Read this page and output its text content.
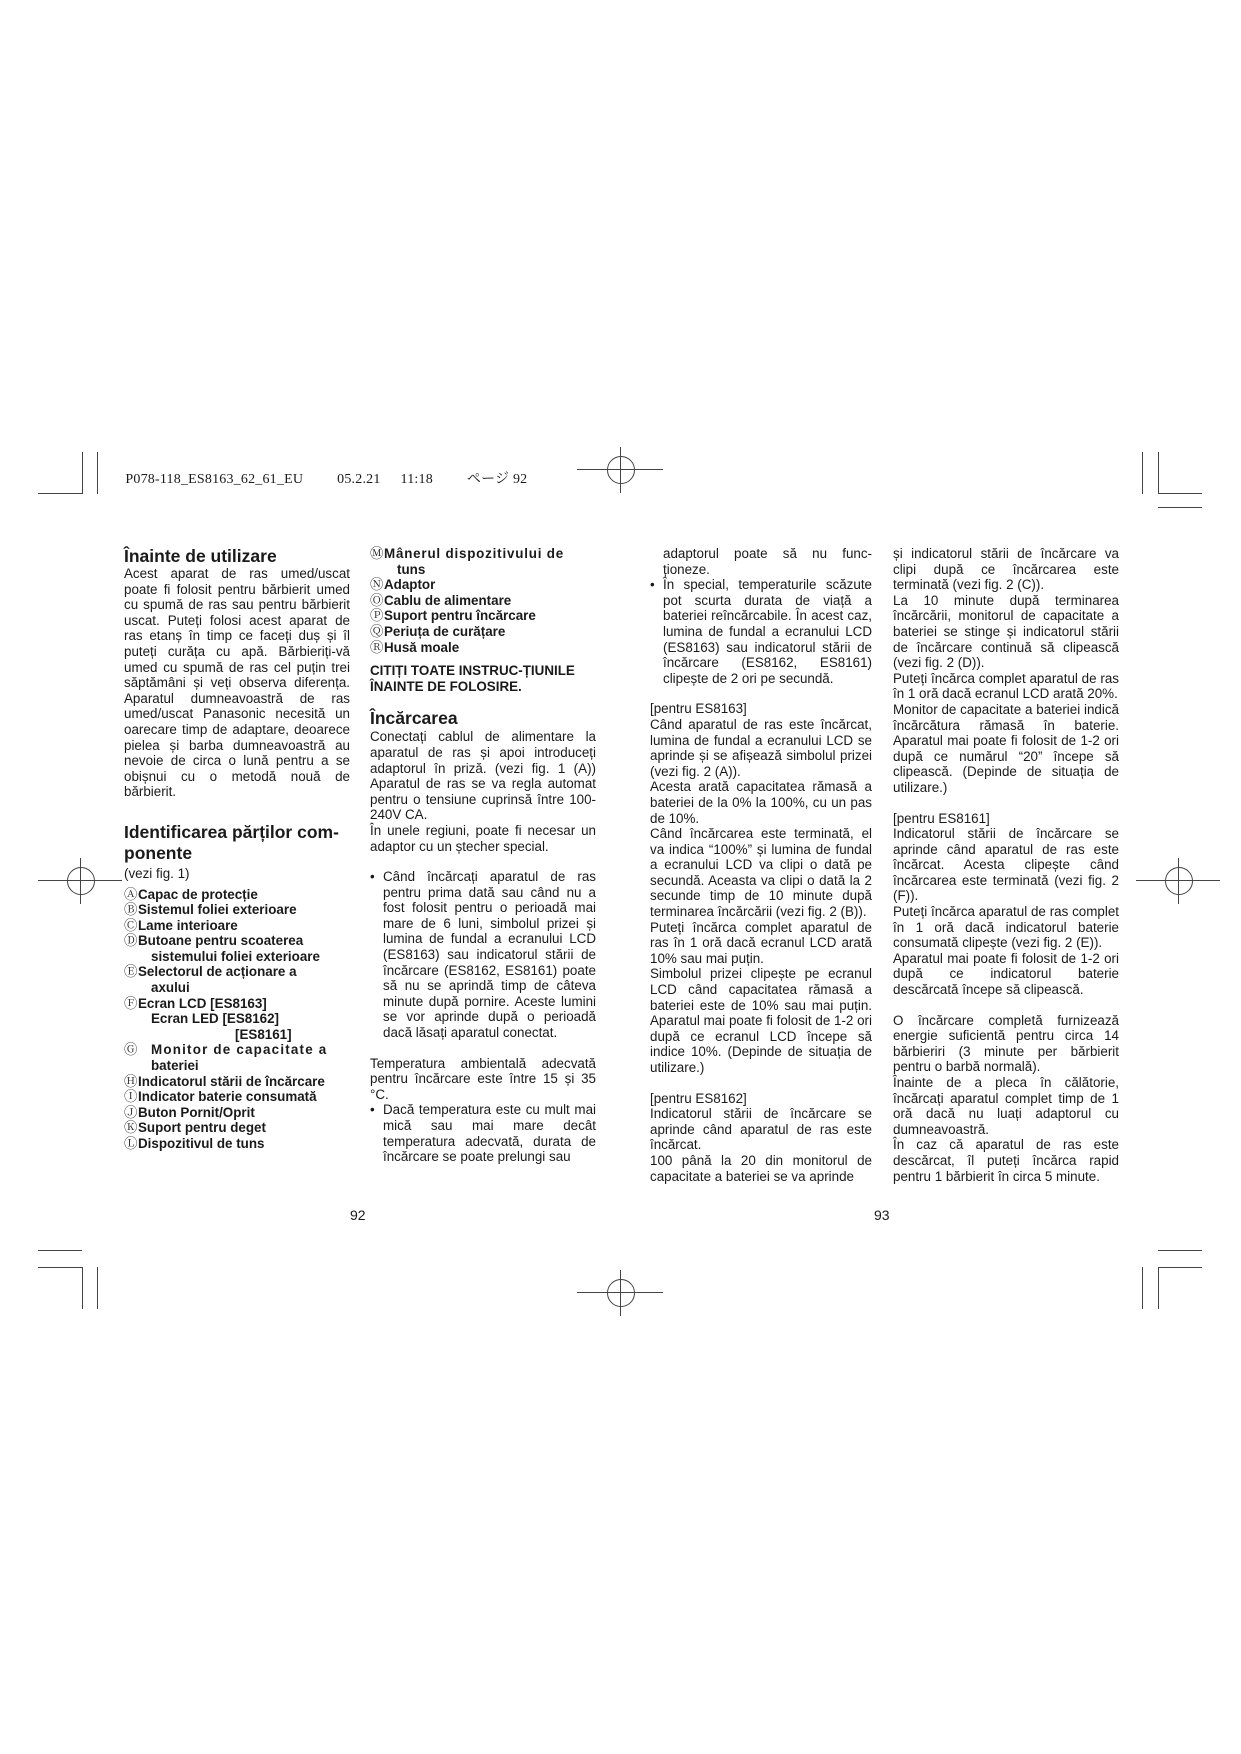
P078-118_ES8163_62_61_EU 05.2.21 11:18 ページ 92

Înainte de utilizare

Acest aparat de ras umed/uscat poate fi folosit pentru bărbierit umed cu spumă de ras sau pentru bărbierit uscat. Puteți folosi acest aparat de ras etanș în timp ce faceți duș și îl puteți curăța cu apă. Bărbieriți-vă umed cu spumă de ras cel puțin trei săptămâni și veți observa diferența. Aparatul dumneavoastră de ras umed/uscat Panasonic necesită un oarecare timp de adaptare, deoarece pielea și barba dumneavoastră au nevoie de circa o lună pentru a se obișnui cu o metodă nouă de bărbierit.

Identificarea părților com-

ponente

(vezi fig. 1)

ⒶCapac de protecție

ⒷSistemul foliei exterioare

ⒸLame interioare

ⒹButoane pentru scoaterea
sistemului foliei exterioare

ⒺSelectorul de acționare a
axului

ⒻEcran LCD [ES8163]
Ecran LED [ES8162]
[ES8161]

Ⓖ Monitor de capacitate a
bateriei

ⒽIndicatorul stării de încărcare

ⒾIndicator baterie consumată

ⒿButon Pornit/Oprit

ⓀSuport pentru deget

ⓁDispozitivul de tuns

92

ⓂMânerul dispozitivului de
tuns

ⓃAdaptor

ⓄCablu de alimentare

ⓅSuport pentru încărcare

ⓆPeriuța de curățare

ⓇHusă moale

CITIȚI TOATE INSTRUC-ȚIUNILE

ÎNAINTE DE FOLOSIRE.

Încărcarea

Conectați cablul de alimentare la aparatul de ras și apoi introduceți adaptorul în priză. (vezi fig. 1 (A)) Aparatul de ras se va regla automat pentru o tensiune cuprinsă între 100-240V CA.

În unele regiuni, poate fi necesar un adaptor cu un ștecher special.

• Când încărcați aparatul de ras pentru prima dată sau când nu a fost folosit pentru o perioadă mai mare de 6 luni, simbolul prizei și lumina de fundal a ecranului LCD (ES8163) sau indicatorul stării de încărcare (ES8162, ES8161) poate să nu se aprindă timp de câteva minute după pornire. Aceste lumini se vor aprinde după o perioadă dacă lăsați aparatul conectat.

Temperatura ambientală adecvată pentru încărcare este între 15 și 35 °C.

• Dacă temperatura este cu mult mai mică sau mai mare decât temperatura adecvată, durata de încărcare se poate prelungi sau

adaptorul poate să nu func-ționeze.

• În special, temperaturile scăzute pot scurta durata de viață a bateriei reîncărcabile. În acest caz, lumina de fundal a ecranului LCD (ES8163) sau indicatorul stării de încărcare (ES8162, ES8161) clipește de 2 ori pe secundă.

[pentru ES8163]

Când aparatul de ras este încărcat, lumina de fundal a ecranului LCD se aprinde și se afișează simbolul prizei (vezi fig. 2 (A)).

Acesta arată capacitatea rămasă a bateriei de la 0% la 100%, cu un pas de 10%.

Când încărcarea este terminată, el va indica “100%” și lumina de fundal a ecranului LCD va clipi o dată pe secundă. Aceasta va clipi o dată la 2 secunde timp de 10 minute după terminarea încărcării (vezi fig. 2 (B)).

Puteți încărca complet aparatul de ras în 1 oră dacă ecranul LCD arată 10% sau mai puțin.

Simbolul prizei clipește pe ecranul LCD când capacitatea rămasă a bateriei este de 10% sau mai puțin. Aparatul mai poate fi folosit de 1-2 ori după ce ecranul LCD începe să indice 10%. (Depinde de situația de utilizare.)

[pentru ES8162]

Indicatorul stării de încărcare se aprinde când aparatul de ras este încărcat.

100 până la 20 din monitorul de capacitate a bateriei se va aprinde

93

și indicatorul stării de încărcare va clipi după ce încărcarea este terminată (vezi fig. 2 (C)).

La 10 minute după terminarea încărcării, monitorul de capacitate a bateriei se stinge și indicatorul stării de încărcare continuă să clipească (vezi fig. 2 (D)).

Puteți încărca complet aparatul de ras în 1 oră dacă ecranul LCD arată 20%.

Monitor de capacitate a bateriei indică încărcătura rămasă în baterie. Aparatul mai poate fi folosit de 1-2 ori după ce numărul “20” începe să clipească. (Depinde de situația de utilizare.)

[pentru ES8161]

Indicatorul stării de încărcare se aprinde când aparatul de ras este încărcat. Acesta clipește când încărcarea este terminată (vezi fig. 2 (F)).

Puteți încărca aparatul de ras complet în 1 oră dacă indicatorul baterie consumată clipește (vezi fig. 2 (E)).

Aparatul mai poate fi folosit de 1-2 ori după ce indicatorul baterie descărcată începe să clipească.

O încărcare completă furnizează energie suficientă pentru circa 14 bărbieriri (3 minute per bărbierit pentru o barbă normală).

Înainte de a pleca în călătorie, încărcați aparatul complet timp de 1 oră dacă nu luați adaptorul cu dumneavoastră.

În caz că aparatul de ras este descărcat, îl puteți încărca rapid pentru 1 bărbierit în circa 5 minute.
